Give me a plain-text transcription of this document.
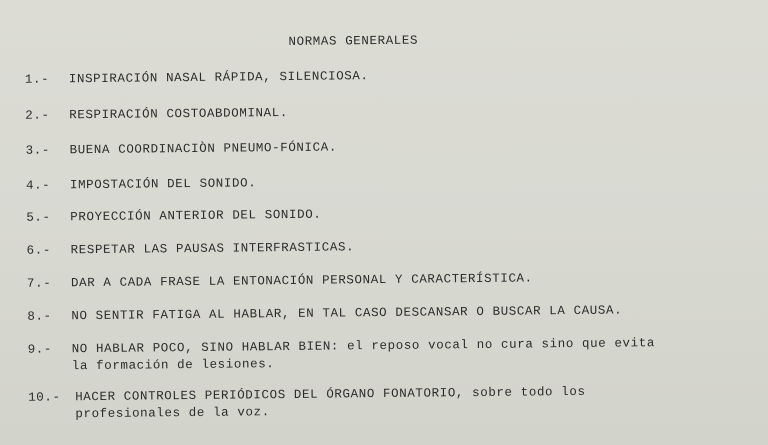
NORMAS GENERALES
1.- INSPIRACIÓN NASAL RÁPIDA, SILENCIOSA.
2.- RESPIRACIÓN COSTOABDOMINAL.
3.- BUENA COORDINACIÒN PNEUMO-FÓNICA.
4.- IMPOSTACIÓN DEL SONIDO.
5.- PROYECCIÓN ANTERIOR DEL SONIDO.
6.- RESPETAR LAS PAUSAS INTERFRASTICAS.
7.- DAR A CADA FRASE LA ENTONACIÓN PERSONAL Y CARACTERÍSTICA.
8.- NO SENTIR FATIGA AL HABLAR, EN TAL CASO DESCANSAR O BUSCAR LA CAUSA.
9.- NO HABLAR POCO, SINO HABLAR BIEN: el reposo vocal no cura sino que evita
la formación de lesiones.
10.- HACER CONTROLES PERIÓDICOS DEL ÓRGANO FONATORIO, sobre todo los
profesionales de la voz.
